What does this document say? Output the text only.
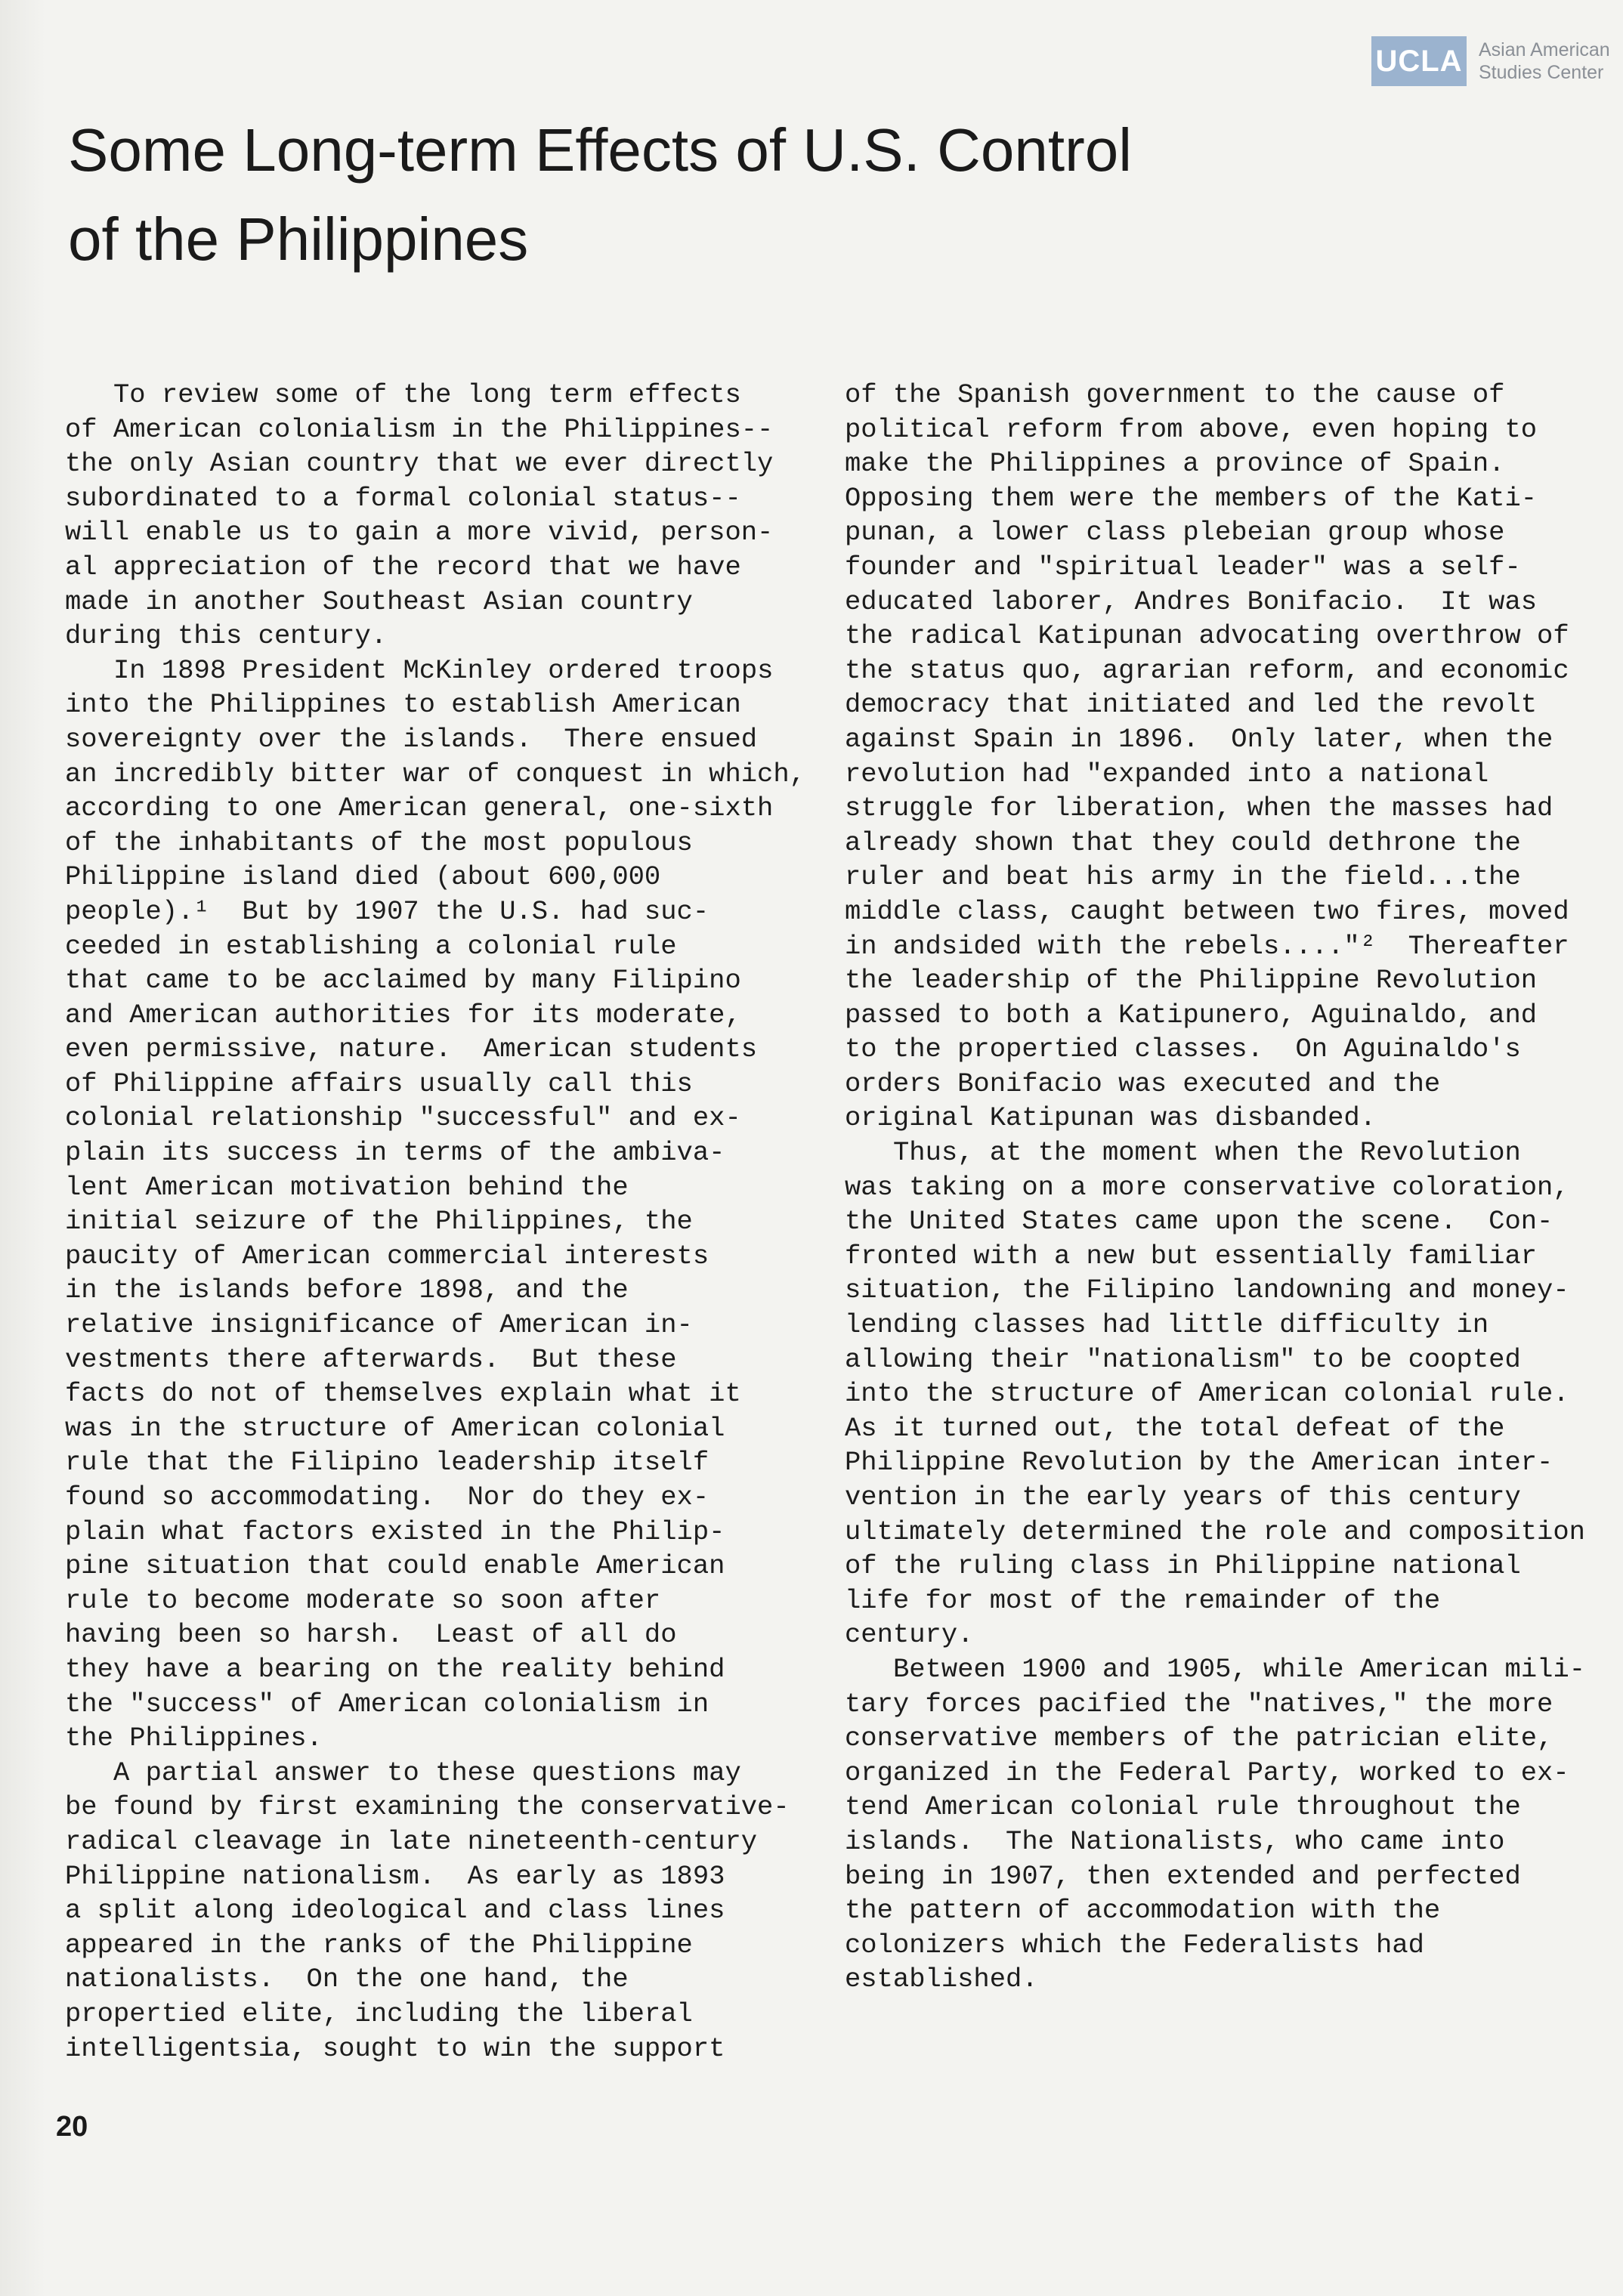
UCLA Asian American
Studies Center
Some Long-term Effects of U.S. Control
of the Philippines
To review some of the long term effects
of American colonialism in the Philippines--
the only Asian country that we ever directly
subordinated to a formal colonial status--
will enable us to gain a more vivid, person-
al appreciation of the record that we have
made in another Southeast Asian country
during this century.
In 1898 President McKinley ordered troops
into the Philippines to establish American
sovereignty over the islands.  There ensued
an incredibly bitter war of conquest in which,
according to one American general, one-sixth
of the inhabitants of the most populous
Philippine island died (about 600,000
people).¹  But by 1907 the U.S. had suc-
ceeded in establishing a colonial rule
that came to be acclaimed by many Filipino
and American authorities for its moderate,
even permissive, nature.  American students
of Philippine affairs usually call this
colonial relationship "successful" and ex-
plain its success in terms of the ambiva-
lent American motivation behind the
initial seizure of the Philippines, the
paucity of American commercial interests
in the islands before 1898, and the
relative insignificance of American in-
vestments there afterwards.  But these
facts do not of themselves explain what it
was in the structure of American colonial
rule that the Filipino leadership itself
found so accommodating.  Nor do they ex-
plain what factors existed in the Philip-
pine situation that could enable American
rule to become moderate so soon after
having been so harsh.  Least of all do
they have a bearing on the reality behind
the "success" of American colonialism in
the Philippines.
A partial answer to these questions may
be found by first examining the conservative-
radical cleavage in late nineteenth-century
Philippine nationalism.  As early as 1893
a split along ideological and class lines
appeared in the ranks of the Philippine
nationalists.  On the one hand, the
propertied elite, including the liberal
intelligentsia, sought to win the support
of the Spanish government to the cause of
political reform from above, even hoping to
make the Philippines a province of Spain.
Opposing them were the members of the Kati-
punan, a lower class plebeian group whose
founder and "spiritual leader" was a self-
educated laborer, Andres Bonifacio.  It was
the radical Katipunan advocating overthrow of
the status quo, agrarian reform, and economic
democracy that initiated and led the revolt
against Spain in 1896.  Only later, when the
revolution had "expanded into a national
struggle for liberation, when the masses had
already shown that they could dethrone the
ruler and beat his army in the field...the
middle class, caught between two fires, moved
in andsided with the rebels...."²  Thereafter
the leadership of the Philippine Revolution
passed to both a Katipunero, Aguinaldo, and
to the propertied classes.  On Aguinaldo's
orders Bonifacio was executed and the
original Katipunan was disbanded.
Thus, at the moment when the Revolution
was taking on a more conservative coloration,
the United States came upon the scene.  Con-
fronted with a new but essentially familiar
situation, the Filipino landowning and money-
lending classes had little difficulty in
allowing their "nationalism" to be coopted
into the structure of American colonial rule.
As it turned out, the total defeat of the
Philippine Revolution by the American inter-
vention in the early years of this century
ultimately determined the role and composition
of the ruling class in Philippine national
life for most of the remainder of the
century.
Between 1900 and 1905, while American mili-
tary forces pacified the "natives," the more
conservative members of the patrician elite,
organized in the Federal Party, worked to ex-
tend American colonial rule throughout the
islands.  The Nationalists, who came into
being in 1907, then extended and perfected
the pattern of accommodation with the
colonizers which the Federalists had
established.
20
